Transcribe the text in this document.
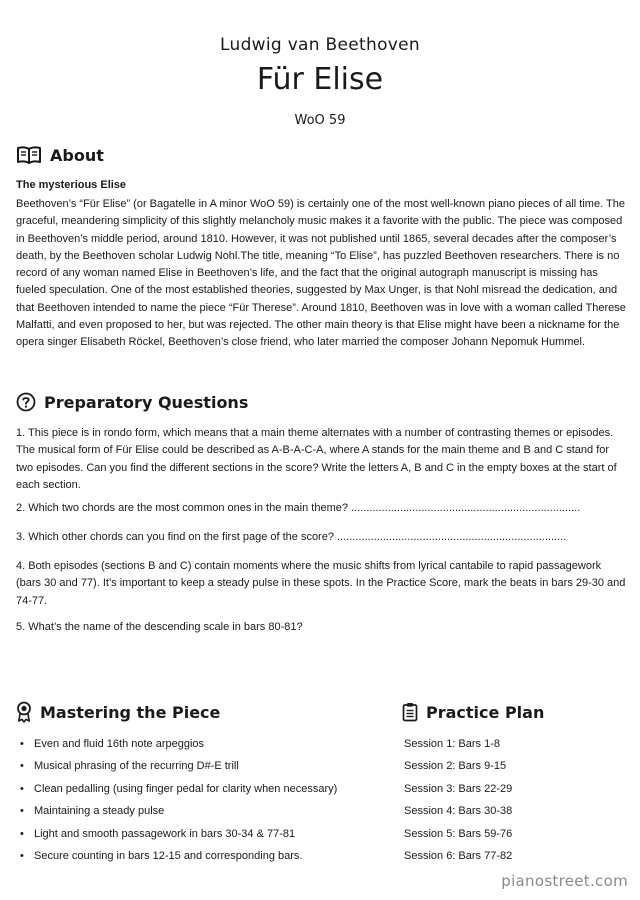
Ludwig van Beethoven
Für Elise
WoO 59
About

The mysterious Elise

Beethoven’s “Für Elise” (or Bagatelle in A minor WoO 59) is certainly one of the most well-known piano pieces of all time. The graceful, meandering simplicity of this slightly melancholy music makes it a favorite with the public. The piece was composed in Beethoven’s middle period, around 1810. However, it was not published until 1865, several decades after the composer’s death, by the Beethoven scholar Ludwig Nohl.The title, meaning “To Elise”, has puzzled Beethoven researchers. There is no record of any woman named Elise in Beethoven’s life, and the fact that the original autograph manuscript is missing has fueled speculation. One of the most established theories, suggested by Max Unger, is that Nohl misread the dedication, and that Beethoven intended to name the piece “Für Therese”. Around 1810, Beethoven was in love with a woman called Therese Malfatti, and even proposed to her, but was rejected. The other main theory is that Elise might have been a nickname for the opera singer Elisabeth Röckel, Beethoven’s close friend, who later married the composer Johann Nepomuk Hummel.

Preparatory Questions

1. This piece is in rondo form, which means that a main theme alternates with a number of contrasting themes or episodes. The musical form of Für Elise could be described as A-B-A-C-A, where A stands for the main theme and B and C stand for two episodes. Can you find the different sections in the score? Write the letters A, B and C in the empty boxes at the start of each section.

2. Which two chords are the most common ones in the main theme? ...........................................................................

3. Which other chords can you find on the first page of the score? ...........................................................................

4. Both episodes (sections B and C) contain moments where the music shifts from lyrical cantabile to rapid passagework (bars 30 and 77). It’s important to keep a steady pulse in these spots. In the Practice Score, mark the beats in bars 29-30 and 74-77.

5. What’s the name of the descending scale in bars 80-81?

Mastering the Piece
• Even and fluid 16th note arpeggios
• Musical phrasing of the recurring D#-E trill
• Clean pedalling (using finger pedal for clarity when necessary)
• Maintaining a steady pulse
• Light and smooth passagework in bars 30-34 & 77-81
• Secure counting in bars 12-15 and corresponding bars.
Practice Plan
Session 1: Bars 1-8
Session 2: Bars 9-15
Session 3: Bars 22-29
Session 4: Bars 30-38
Session 5: Bars 59-76
Session 6: Bars 77-82
pianostreet.com
